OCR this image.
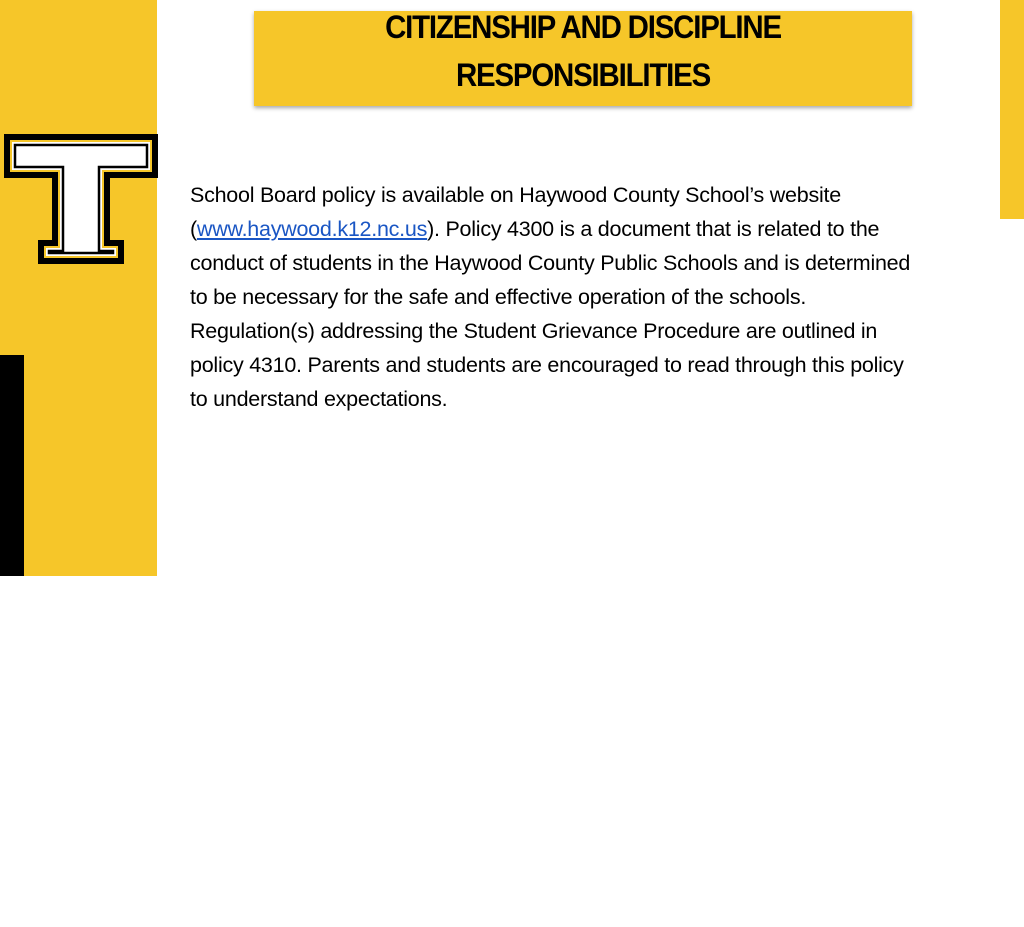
SLIDESMANIA.COM
CITIZENSHIP AND DISCIPLINE
RESPONSIBILITIES

School Board policy is available on Haywood County School’s website (www.haywood.k12.nc.us). Policy 4300 is a document that is related to the conduct of students in the Haywood County Public Schools and is determined to be necessary for the safe and effective operation of the schools. Regulation(s) addressing the Student Grievance Procedure are outlined in policy 4310. Parents and students are encouraged to read through this policy to understand expectations.
